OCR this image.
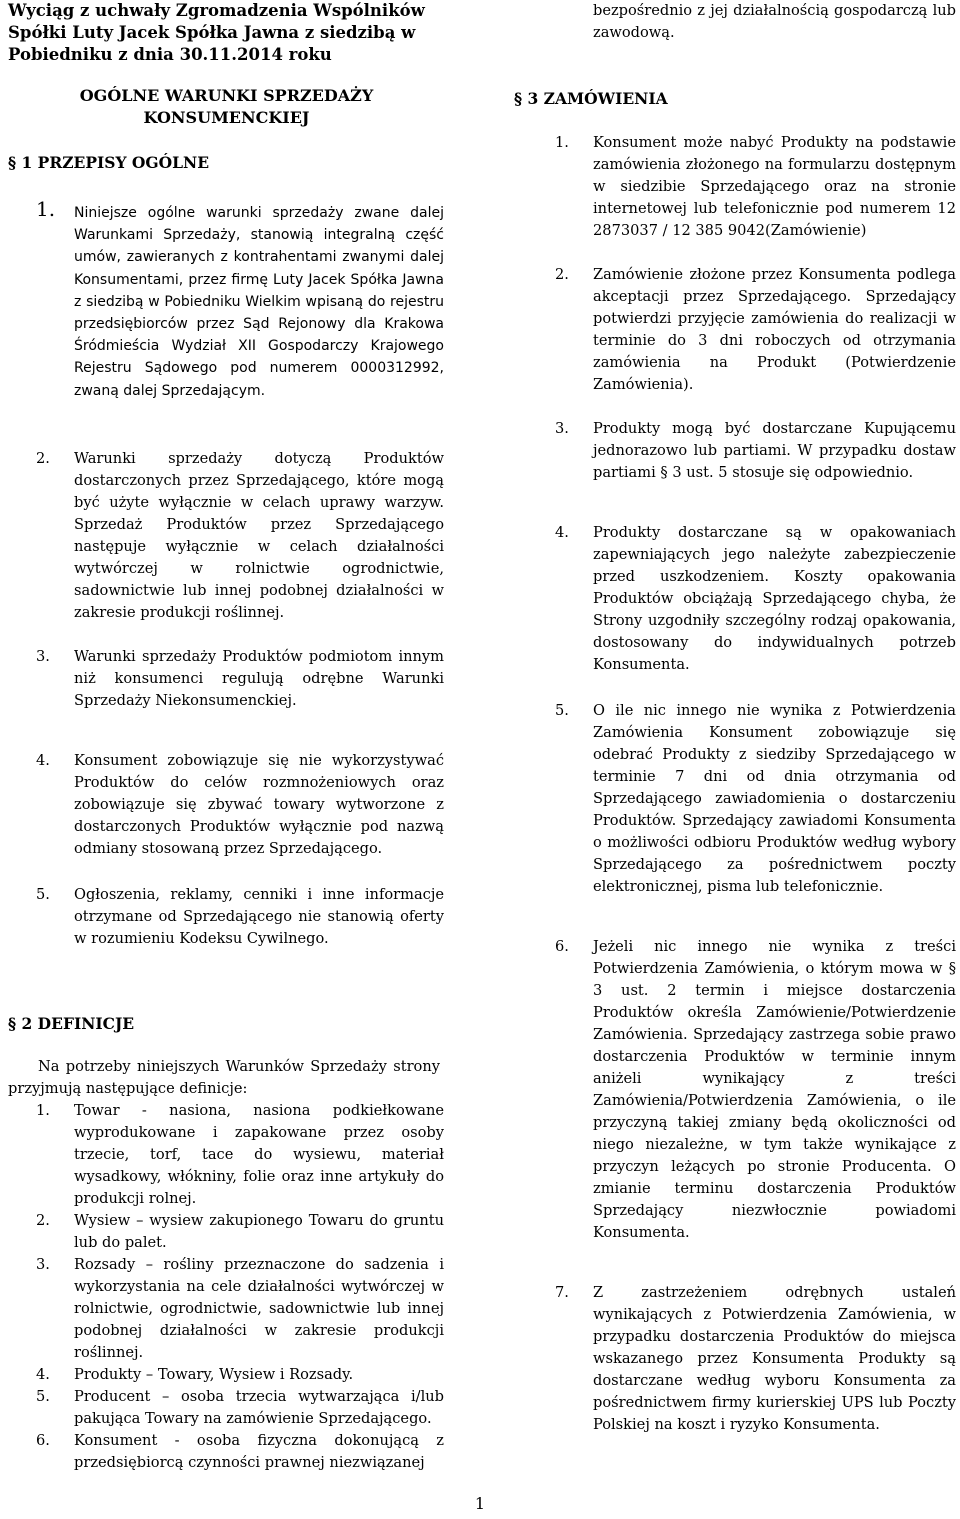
Wyciąg z uchwały Zgromadzenia Wspólników
Spółki Luty Jacek Spółka Jawna z siedzibą w
Pobiedniku z dnia 30.11.2014 roku
OGÓLNE WARUNKI SPRZEDAŻY
KONSUMENCKIEJ
§ 1 PRZEPISY OGÓLNE
1. Niniejsze ogólne warunki sprzedaży zwane dalej Warunkami Sprzedaży, stanowią integralną część umów, zawieranych z kontrahentami zwanymi dalej Konsumentami, przez firmę Luty Jacek Spółka Jawna z siedzibą w Pobiedniku Wielkim wpisaną do rejestru przedsiębiorców przez Sąd Rejonowy dla Krakowa Śródmieścia Wydział XII Gospodarczy Krajowego Rejestru Sądowego pod numerem 0000312992, zwaną dalej Sprzedającym.
2. Warunki sprzedaży dotyczą Produktów dostarczonych przez Sprzedającego, które mogą być użyte wyłącznie w celach uprawy warzyw. Sprzedaż Produktów przez Sprzedającego następuje wyłącznie w celach działalności wytwórczej w rolnictwie ogrodnictwie, sadownictwie lub innej podobnej działalności w zakresie produkcji roślinnej.
3. Warunki sprzedaży Produktów podmiotom innym niż konsumenci regulują odrębne Warunki Sprzedaży Niekonsumenckiej.
4. Konsument zobowiązuje się nie wykorzystywać Produktów do celów rozmnożeniowych oraz zobowiązuje się zbywać towary wytworzone z dostarczonych Produktów wyłącznie pod nazwą odmiany stosowaną przez Sprzedającego.
5. Ogłoszenia, reklamy, cenniki i inne informacje otrzymane od Sprzedającego nie stanowią oferty w rozumieniu Kodeksu Cywilnego.
§ 2 DEFINICJE
Na potrzeby niniejszych Warunków Sprzedaży strony przyjmują następujące definicje:
1. Towar - nasiona, nasiona podkiełkowane wyprodukowane i zapakowane przez osoby trzecie, torf, tace do wysiewu, materiał wysadkowy, włókniny, folie oraz inne artykuły do produkcji rolnej.
2. Wysiew – wysiew zakupionego Towaru do gruntu lub do palet.
3. Rozsady – rośliny przeznaczone do sadzenia i wykorzystania na cele działalności wytwórczej w rolnictwie, ogrodnictwie, sadownictwie lub innej podobnej działalności w zakresie produkcji roślinnej.
4. Produkty – Towary, Wysiew i Rozsady.
5. Producent – osoba trzecia wytwarzająca i/lub pakująca Towary na zamówienie Sprzedającego.
6. Konsument - osoba fizyczna dokonującą z przedsiębiorcą czynności prawnej niezwiązanej
bezpośrednio z jej działalnością gospodarczą lub zawodową.
§ 3 ZAMÓWIENIA
1. Konsument może nabyć Produkty na podstawie zamówienia złożonego na formularzu dostępnym w siedzibie Sprzedającego oraz na stronie internetowej lub telefonicznie pod numerem 12 2873037 / 12 385 9042(Zamówienie)
2. Zamówienie złożone przez Konsumenta podlega akceptacji przez Sprzedającego. Sprzedający potwierdzi przyjęcie zamówienia do realizacji w terminie do 3 dni roboczych od otrzymania zamówienia na Produkt (Potwierdzenie Zamówienia).
3. Produkty mogą być dostarczane Kupującemu jednorazowo lub partiami. W przypadku dostaw partiami § 3 ust. 5 stosuje się odpowiednio.
4. Produkty dostarczane są w opakowaniach zapewniających jego należyte zabezpieczenie przed uszkodzeniem. Koszty opakowania Produktów obciążają Sprzedającego chyba, że Strony uzgodniły szczególny rodzaj opakowania, dostosowany do indywidualnych potrzeb Konsumenta.
5. O ile nic innego nie wynika z Potwierdzenia Zamówienia Konsument zobowiązuje się odebrać Produkty z siedziby Sprzedającego w terminie 7 dni od dnia otrzymania od Sprzedającego zawiadomienia o dostarczeniu Produktów. Sprzedający zawiadomi Konsumenta o możliwości odbioru Produktów według wybory Sprzedającego za pośrednictwem poczty elektronicznej, pisma lub telefonicznie.
6. Jeżeli nic innego nie wynika z treści Potwierdzenia Zamówienia, o którym mowa w § 3 ust. 2 termin i miejsce dostarczenia Produktów określa Zamówienie/Potwierdzenie Zamówienia. Sprzedający zastrzega sobie prawo dostarczenia Produktów w terminie innym aniżeli wynikający z treści Zamówienia/Potwierdzenia Zamówienia, o ile przyczyną takiej zmiany będą okoliczności od niego niezależne, w tym także wynikające z przyczyn leżących po stronie Producenta. O zmianie terminu dostarczenia Produktów Sprzedający niezwłocznie powiadomi Konsumenta.
7. Z zastrzeżeniem odrębnych ustaleń wynikających z Potwierdzenia Zamówienia, w przypadku dostarczenia Produktów do miejsca wskazanego przez Konsumenta Produkty są dostarczane według wyboru Konsumenta za pośrednictwem firmy kurierskiej UPS lub Poczty Polskiej na koszt i ryzyko Konsumenta.
1
